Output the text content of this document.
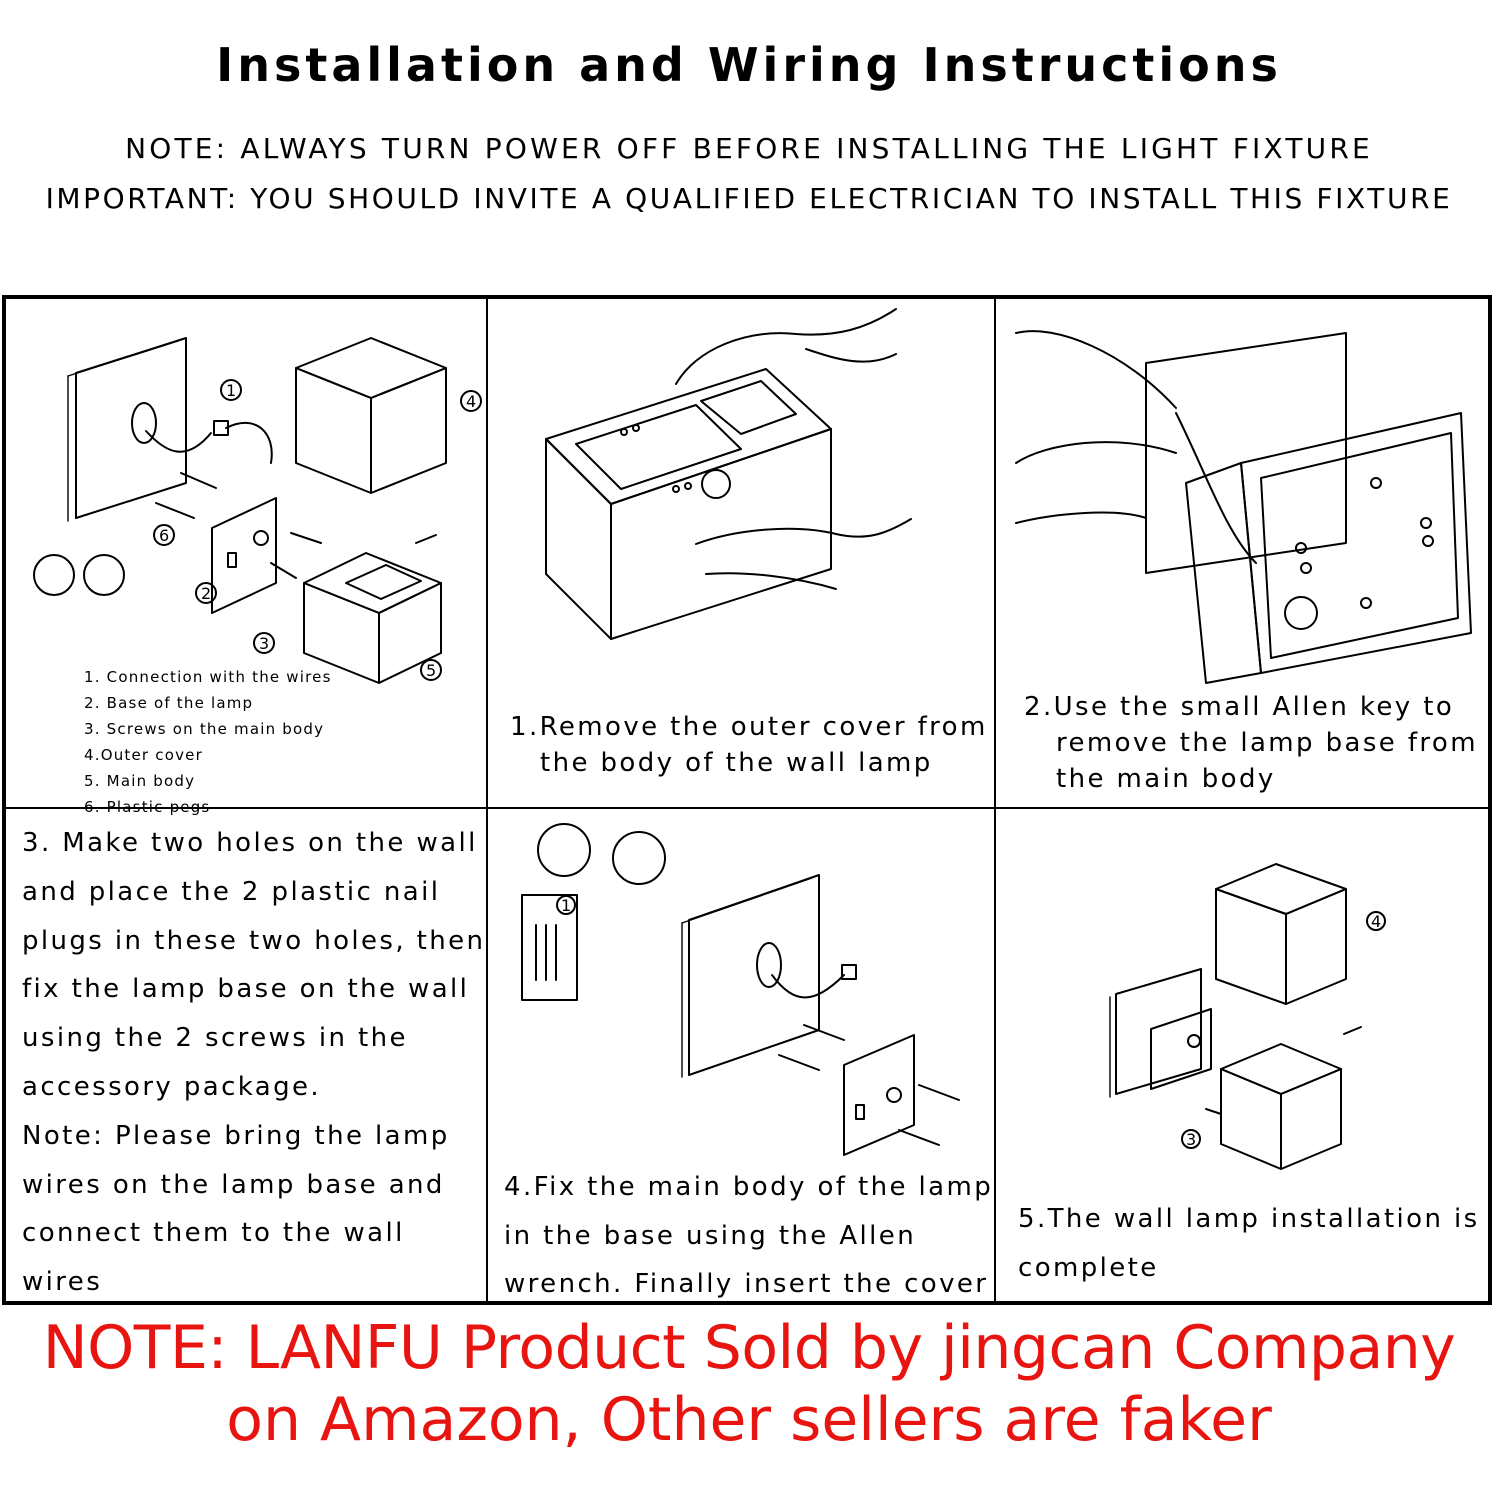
Installation and Wiring Instructions
NOTE: ALWAYS TURN POWER OFF BEFORE INSTALLING THE LIGHT FIXTURE
IMPORTANT: YOU SHOULD INVITE A QUALIFIED ELECTRICIAN TO INSTALL THIS FIXTURE
1
2
3
4
5
6
1. Connection with the wires
2. Base of the lamp
3. Screws on the main body
4.Outer cover
5. Main body
6. Plastic pegs
1.Remove the outer cover from
the body of the wall lamp
2.Use the small Allen key to
remove the lamp base from
the main body
3. Make two holes on the wall
and place the 2 plastic nail
plugs in these two holes, then
fix the lamp base on the wall
using the 2 screws in the
accessory package.
Note: Please bring the lamp
wires on the lamp base and
connect them to the wall
wires
1
4.Fix the main body of the lamp
in the base using the Allen
wrench. Finally insert the cover
4
3
5.The wall lamp installation is
complete
NOTE: LANFU Product Sold by jingcan Company
on Amazon, Other sellers are faker
